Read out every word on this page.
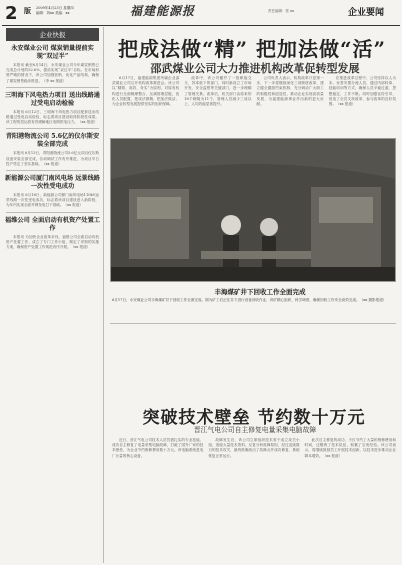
2 版 2009年4月23日 星期四
编辑：刘xx 美编：xx	福建能源报	责任编辑：张 xx	企业要闻
企业快报
永安煤业公司 煤炭销量提前实现“双过半”
本报讯 截至6月14日，永安煤业公司今年煤炭销售已完成总计划的52.6%，提前实现“双过半”目标。在市场形势严峻的情况下，该公司加强营销，优化产品结构，确保了煤炭销售稳步推进。（李 xx 报道）
三明海下风电热力项目 送出线路通过受电启动检验
本报讯 6月12日，三明海下风电热力项目配套送出线路通过受电启动检验，标志着项目建设取得阶段性成果。该工程的投运将有效缓解地区电网供电压力。（xx 报道）
青阳港物流公司 5.6亿的仪尔斯安装全部完成
本报讯 6月13日，青阳港物流公司5.6亿元项目仪尔斯设备安装全部完成，各项调试工作有序推进，为项目早日投产奠定了坚实基础。（xx 报道）
新能源公司厦门南风电场 远景线路一次性受电成功
本报讯 6月16日，新能源公司厦门南风电场110kV远景线路一次性受电成功，标志着该项目建设进入新阶段，为年内实现全面并网发电打下基础。（xx 报道）
福维公司 全面启动有机资产处置工作
本报讯 为加快企业改革步伐，福维公司全面启动有机资产处置工作，成立了专门工作小组，制定了详细的实施方案，确保资产处置工作规范有序开展。（xx 报道）
把成法做“精” 把加法做“活”
邵武煤业公司大力推进机构改革促转型发展
6月17日，福建能源集团所属企业邵武煤业公司召开机构改革推进会。该公司以“精简、高效、务实”为原则，对原有机构进行全面梳理整合，压减管理层级，优化人员配置，把成法做精，把加法做活，为企业转型发展提供坚实的组织保障。
改革中，该公司撤并了一批职能交叉、效率低下的部门，同时新设立了市场开发、安全监察等关键部门，进一步理顺了管理关系。改革后，机关部门由原来的18个精简为11个，管理人员减少三成以上，人均效能显著提升。
公司负责人表示，机构改革只是第一步，下一步将继续深化三项制度改革，建立健全激励约束机制，充分调动广大职工的积极性和创造性，推动企业实现高质量发展，为福建能源事业作出新的更大贡献。
在推进改革过程中，公司坚持以人为本，妥善安置分流人员，通过内部转岗、技能培训等方式，确保人员平稳过渡、思想稳定、工作不断。同时加强宣传引导，营造了全员支持改革、参与改革的良好氛围。（xx 报道）
丰海煤矿井下回收工作全面完成
6月17日，永安煤业公司丰海煤矿井下回收工作全面完成。图为矿工们正在井下进行设备回收作业，该矿精心组织、科学调度，确保回收工作安全高效完成。（xx 摄影报道）
突破技术壁垒 节约数十万元
晋江气电公司自主修复电量采集电脑故障
近日，晋江气电公司技术人员凭借扎实的专业技能，成功自主修复了电量采集电脑故障，打破了国外厂家的技术壁垒，为企业节约维修费用数十万元。该电脑系统是电厂计量的核心设备。
故障发生后，该公司立即组织技术骨干成立攻关小组，查阅大量技术资料，反复分析故障原因，经过连续数日的技术攻关，最终准确找出了故障点并成功修复，系统恢复正常运行。
此次自主修复的成功，不仅节约了大量的维修费用和时间，还锻炼了技术队伍，积累了宝贵经验。该公司表示，将继续鼓励员工开展技术创新，以技术进步推动企业降本增效。（xx 报道）
